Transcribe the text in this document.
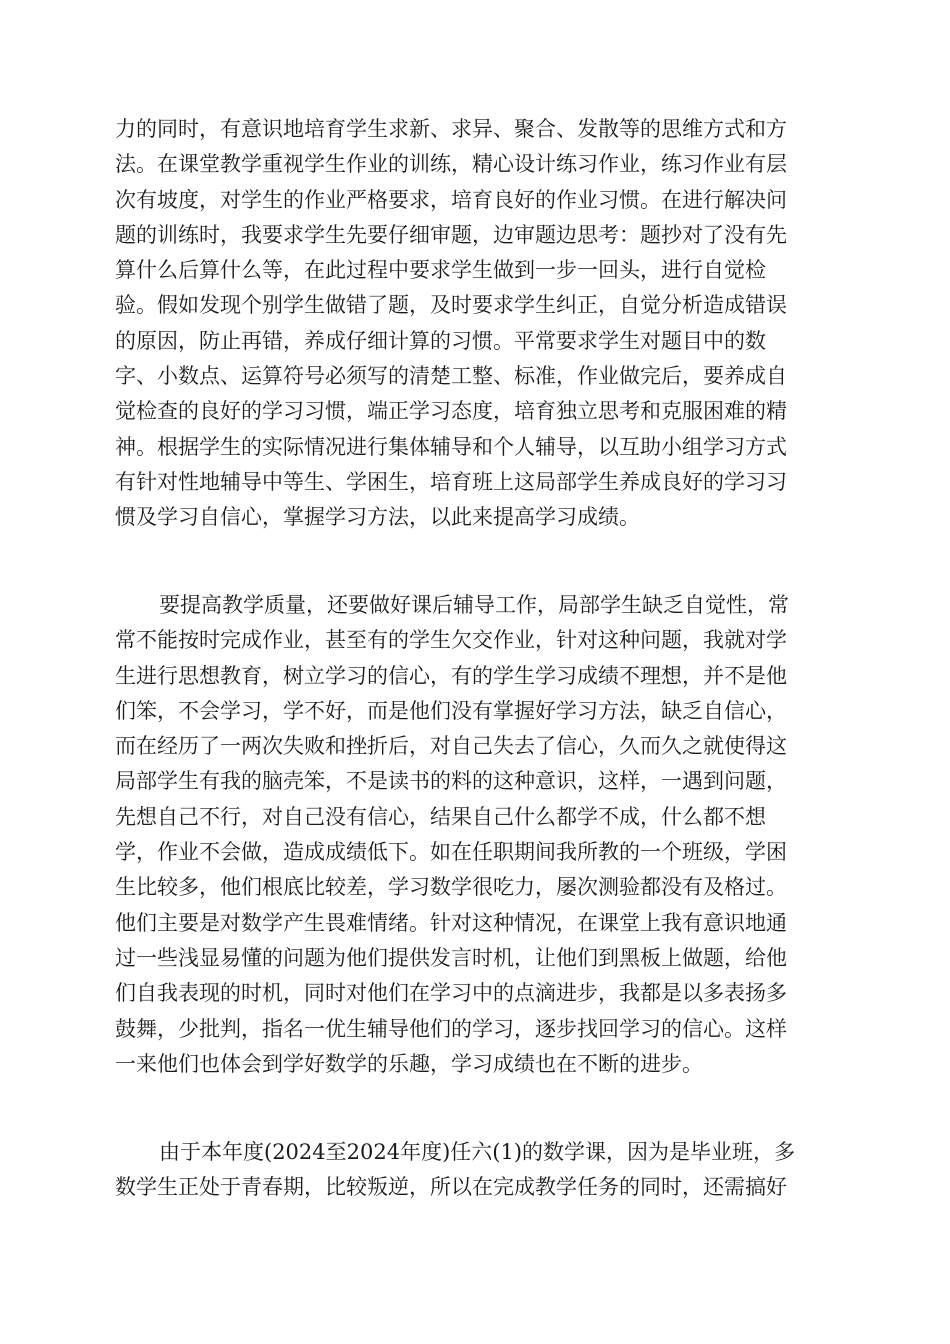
力的同时，有意识地培育学生求新、求异、聚合、发散等的思维方式和方
法。在课堂教学重视学生作业的训练，精心设计练习作业，练习作业有层
次有坡度，对学生的作业严格要求，培育良好的作业习惯。在进行解决问
题的训练时，我要求学生先要仔细审题，边审题边思考：题抄对了没有先
算什么后算什么等，在此过程中要求学生做到一步一回头，进行自觉检
验。假如发现个别学生做错了题，及时要求学生纠正，自觉分析造成错误
的原因，防止再错，养成仔细计算的习惯。平常要求学生对题目中的数
字、小数点、运算符号必须写的清楚工整、标准，作业做完后，要养成自
觉检查的良好的学习习惯，端正学习态度，培育独立思考和克服困难的精
神。根据学生的实际情况进行集体辅导和个人辅导，以互助小组学习方式
有针对性地辅导中等生、学困生，培育班上这局部学生养成良好的学习习
惯及学习自信心，掌握学习方法，以此来提高学习成绩。
要提高教学质量，还要做好课后辅导工作，局部学生缺乏自觉性，常
常不能按时完成作业，甚至有的学生欠交作业，针对这种问题，我就对学
生进行思想教育，树立学习的信心，有的学生学习成绩不理想，并不是他
们笨，不会学习，学不好，而是他们没有掌握好学习方法，缺乏自信心，
而在经历了一两次失败和挫折后，对自己失去了信心，久而久之就使得这
局部学生有我的脑壳笨，不是读书的料的这种意识，这样，一遇到问题，
先想自己不行，对自己没有信心，结果自己什么都学不成，什么都不想
学，作业不会做，造成成绩低下。如在任职期间我所教的一个班级，学困
生比较多，他们根底比较差，学习数学很吃力，屡次测验都没有及格过。
他们主要是对数学产生畏难情绪。针对这种情况，在课堂上我有意识地通
过一些浅显易懂的问题为他们提供发言时机，让他们到黑板上做题，给他
们自我表现的时机，同时对他们在学习中的点滴进步，我都是以多表扬多
鼓舞，少批判，指名一优生辅导他们的学习，逐步找回学习的信心。这样
一来他们也体会到学好数学的乐趣，学习成绩也在不断的进步。
由于本年度(2024至2024年度)任六(1)的数学课，因为是毕业班，多
数学生正处于青春期，比较叛逆，所以在完成教学任务的同时，还需搞好
